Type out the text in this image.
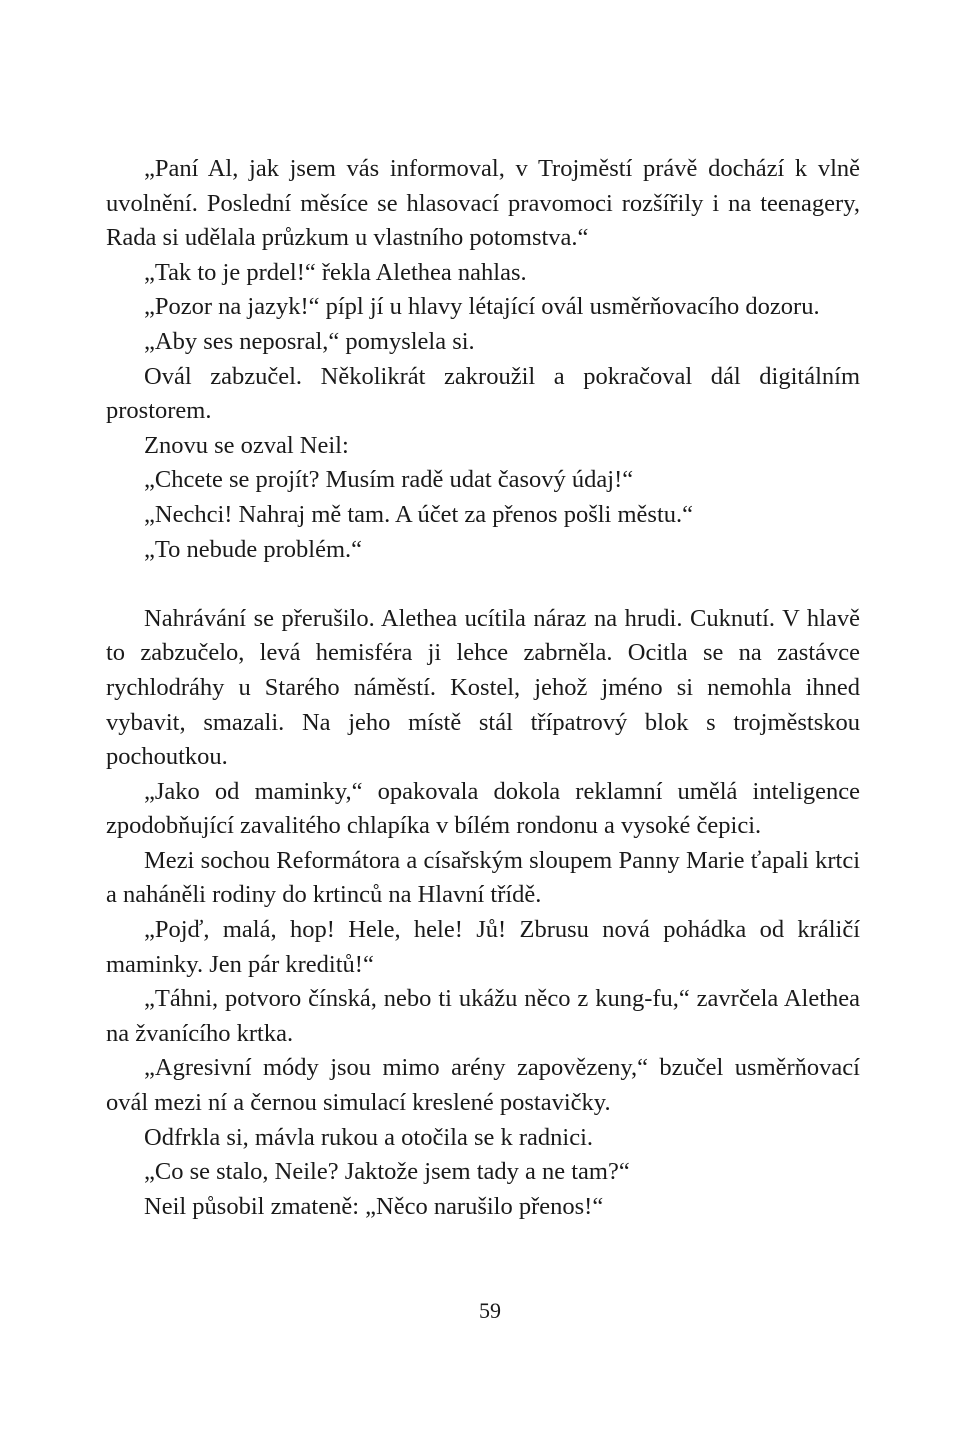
„Paní Al, jak jsem vás informoval, v Trojměstí právě dochází k vlně uvolnění. Poslední měsíce se hlasovací pravomoci rozšířily i na teenagery, Rada si udělala průzkum u vlastního potomstva.“

„Tak to je prdel!“ řekla Alethea nahlas.

„Pozor na jazyk!“ pípl jí u hlavy létající ovál usměrňovacího dozoru.

„Aby ses neposral,“ pomyslela si.

Ovál zabzučel. Několikrát zakroužil a pokračoval dál digitálním prostorem.

Znovu se ozval Neil:

„Chcete se projít? Musím radě udat časový údaj!“

„Nechci! Nahraj mě tam. A účet za přenos pošli městu.“

„To nebude problém.“

Nahrávání se přerušilo. Alethea ucítila náraz na hrudi. Cuknutí. V hlavě to zabzučelo, levá hemisféra ji lehce zabrněla. Ocitla se na zastávce rychlodráhy u Starého náměstí. Kostel, jehož jméno si nemohla ihned vybavit, smazali. Na jeho místě stál třípatrový blok s trojměstskou pochoutkou.

„Jako od maminky,“ opakovala dokola reklamní umělá inteligence zpodobňující zavalitého chlapíka v bílém rondonu a vysoké čepici.

Mezi sochou Reformátora a císařským sloupem Panny Marie ťapali krtci a naháněli rodiny do krtinců na Hlavní třídě.

„Pojď, malá, hop! Hele, hele! Jů! Zbrusu nová pohádka od králičí maminky. Jen pár kreditů!“

„Táhni, potvoro čínská, nebo ti ukážu něco z kung-fu,“ zavrčela Alethea na žvanícího krtka.

„Agresivní módy jsou mimo arény zapovězeny,“ bzučel usměrňovací ovál mezi ní a černou simulací kreslené postavičky.

Odfrkla si, mávla rukou a otočila se k radnici.

„Co se stalo, Neile? Jaktože jsem tady a ne tam?“

Neil působil zmateně: „Něco narušilo přenos!“

59
